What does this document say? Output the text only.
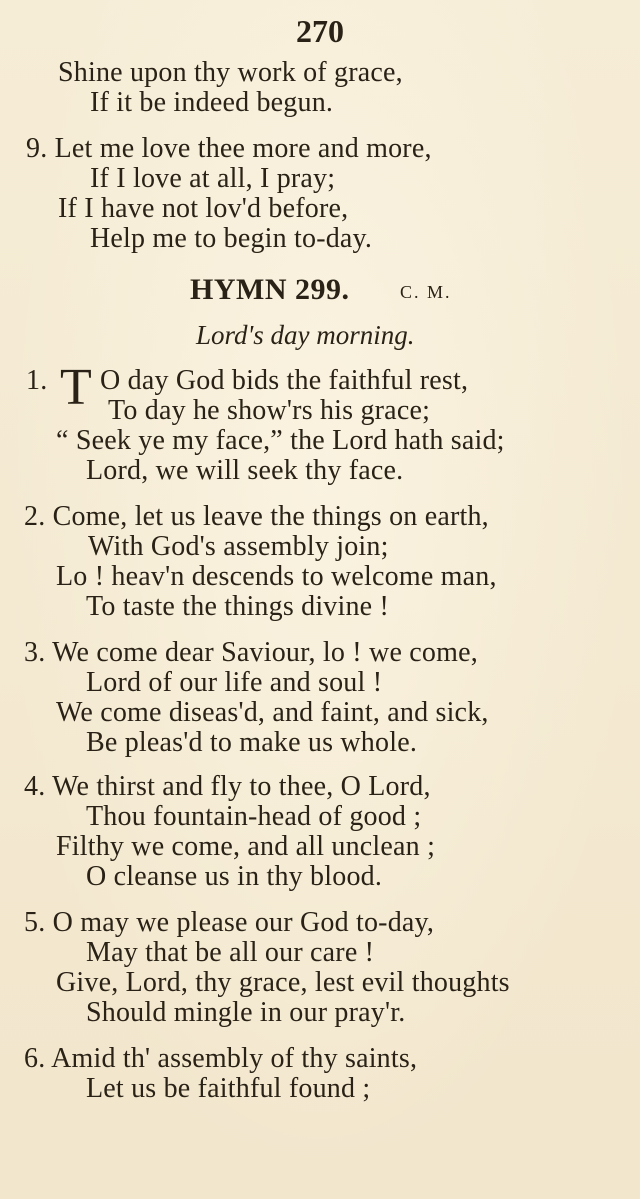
270
Shine upon thy work of grace,
If it be indeed begun.
9. Let me love thee more and more,
If I love at all, I pray;
If I have not lov'd before,
Help me to begin to-day.
HYMN 299.	C. M.
Lord's day morning.
1. T O day God bids the faithful rest,
To day he show'rs his grace;
“ Seek ye my face,” the Lord hath said;
Lord, we will seek thy face.
2. Come, let us leave the things on earth,
With God's assembly join;
Lo ! heav'n descends to welcome man,
To taste the things divine !
3. We come dear Saviour, lo ! we come,
Lord of our life and soul !
We come diseas'd, and faint, and sick,
Be pleas'd to make us whole.
4. We thirst and fly to thee, O Lord,
Thou fountain-head of good ;
Filthy we come, and all unclean ;
O cleanse us in thy blood.
5. O may we please our God to-day,
May that be all our care !
Give, Lord, thy grace, lest evil thoughts
Should mingle in our pray'r.
6. Amid th' assembly of thy saints,
Let us be faithful found ;
